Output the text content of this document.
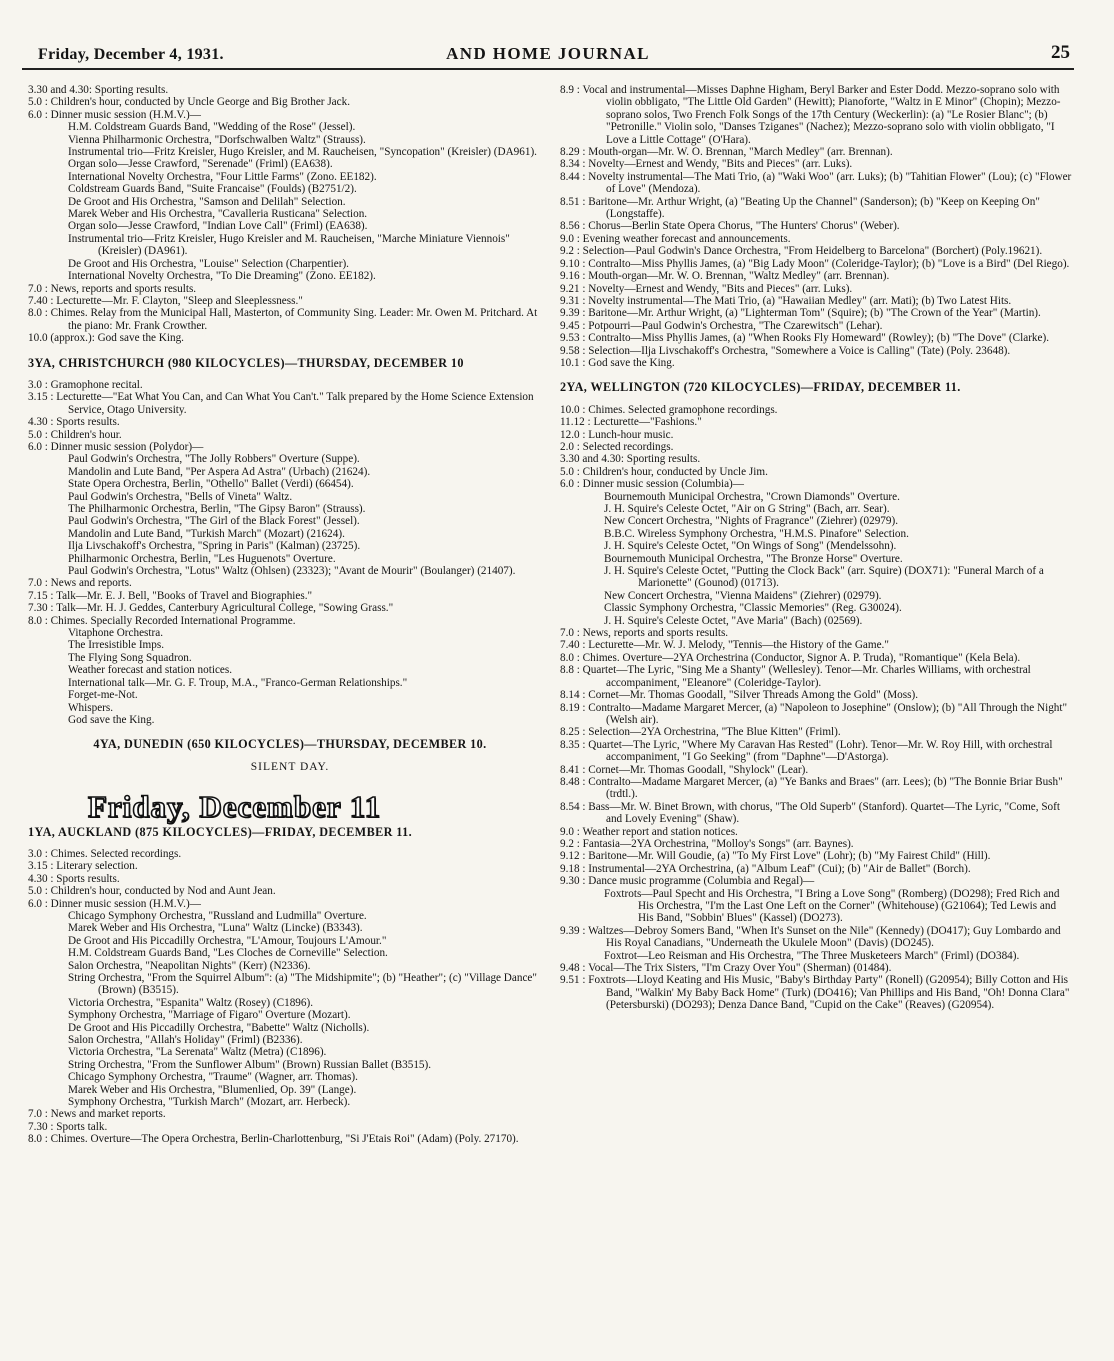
Friday, December 4, 1931.	AND HOME JOURNAL	25

3.30 and 4.30: Sporting results.

5.0 : Children's hour, conducted by Uncle George and Big Brother Jack.

6.0 : Dinner music session (H.M.V.)—

H.M. Coldstream Guards Band, "Wedding of the Rose" (Jessel).

Vienna Philharmonic Orchestra, "Dorfschwalben Waltz" (Strauss).

Instrumental trio—Fritz Kreisler, Hugo Kreisler, and M. Raucheisen, "Syncopation" (Kreisler) (DA961).

Organ solo—Jesse Crawford, "Serenade" (Friml) (EA638).

International Novelty Orchestra, "Four Little Farms" (Zono. EE182).

Coldstream Guards Band, "Suite Francaise" (Foulds) (B2751/2).

De Groot and His Orchestra, "Samson and Delilah" Selection.

Marek Weber and His Orchestra, "Cavalleria Rusticana" Selection.

Organ solo—Jesse Crawford, "Indian Love Call" (Friml) (EA638).

Instrumental trio—Fritz Kreisler, Hugo Kreisler and M. Raucheisen, "Marche Miniature Viennois" (Kreisler) (DA961).

De Groot and His Orchestra, "Louise" Selection (Charpentier).

International Novelty Orchestra, "To Die Dreaming" (Zono. EE182).

7.0 : News, reports and sports results.

7.40 : Lecturette—Mr. F. Clayton, "Sleep and Sleeplessness."

8.0 : Chimes. Relay from the Municipal Hall, Masterton, of Community Sing. Leader: Mr. Owen M. Pritchard. At the piano: Mr. Frank Crowther.

10.0 (approx.): God save the King.

3YA, CHRISTCHURCH (980 KILOCYCLES)—THURSDAY, DECEMBER 10

3.0 : Gramophone recital.

3.15 : Lecturette—"Eat What You Can, and Can What You Can't." Talk prepared by the Home Science Extension Service, Otago University.

4.30 : Sports results.

5.0 : Children's hour.

6.0 : Dinner music session (Polydor)—

Paul Godwin's Orchestra, "The Jolly Robbers" Overture (Suppe).

Mandolin and Lute Band, "Per Aspera Ad Astra" (Urbach) (21624).

State Opera Orchestra, Berlin, "Othello" Ballet (Verdi) (66454).

Paul Godwin's Orchestra, "Bells of Vineta" Waltz.

The Philharmonic Orchestra, Berlin, "The Gipsy Baron" (Strauss).

Paul Godwin's Orchestra, "The Girl of the Black Forest" (Jessel).

Mandolin and Lute Band, "Turkish March" (Mozart) (21624).

Ilja Livschakoff's Orchestra, "Spring in Paris" (Kalman) (23725).

Philharmonic Orchestra, Berlin, "Les Huguenots" Overture.

Paul Godwin's Orchestra, "Lotus" Waltz (Ohlsen) (23323); "Avant de Mourir" (Boulanger) (21407).

7.0 : News and reports.

7.15 : Talk—Mr. E. J. Bell, "Books of Travel and Biographies."

7.30 : Talk—Mr. H. J. Geddes, Canterbury Agricultural College, "Sowing Grass."

8.0 : Chimes. Specially Recorded International Programme.

Vitaphone Orchestra.

The Irresistible Imps.

The Flying Song Squadron.

Weather forecast and station notices.

International talk—Mr. G. F. Troup, M.A., "Franco-German Relationships."

Forget-me-Not.

Whispers.

God save the King.

4YA, DUNEDIN (650 KILOCYCLES)—THURSDAY, DECEMBER 10.
SILENT DAY.
Friday, December 11
1YA, AUCKLAND (875 KILOCYCLES)—FRIDAY, DECEMBER 11.

3.0 : Chimes. Selected recordings.

3.15 : Literary selection.

4.30 : Sports results.

5.0 : Children's hour, conducted by Nod and Aunt Jean.

6.0 : Dinner music session (H.M.V.)—

Chicago Symphony Orchestra, "Russland and Ludmilla" Overture.

Marek Weber and His Orchestra, "Luna" Waltz (Lincke) (B3343).

De Groot and His Piccadilly Orchestra, "L'Amour, Toujours L'Amour."

H.M. Coldstream Guards Band, "Les Cloches de Corneville" Selection.

Salon Orchestra, "Neapolitan Nights" (Kerr) (N2336).

String Orchestra, "From the Squirrel Album": (a) "The Midshipmite"; (b) "Heather"; (c) "Village Dance" (Brown) (B3515).

Victoria Orchestra, "Espanita" Waltz (Rosey) (C1896).

Symphony Orchestra, "Marriage of Figaro" Overture (Mozart).

De Groot and His Piccadilly Orchestra, "Babette" Waltz (Nicholls).

Salon Orchestra, "Allah's Holiday" (Friml) (B2336).

Victoria Orchestra, "La Serenata" Waltz (Metra) (C1896).

String Orchestra, "From the Sunflower Album" (Brown) Russian Ballet (B3515).

Chicago Symphony Orchestra, "Traume" (Wagner, arr. Thomas).

Marek Weber and His Orchestra, "Blumenlied, Op. 39" (Lange).

Symphony Orchestra, "Turkish March" (Mozart, arr. Herbeck).

7.0 : News and market reports.

7.30 : Sports talk.

8.0 : Chimes. Overture—The Opera Orchestra, Berlin-Charlottenburg, "Si J'Etais Roi" (Adam) (Poly. 27170).

8.9 : Vocal and instrumental—Misses Daphne Higham, Beryl Barker and Ester Dodd. Mezzo-soprano solo with violin obbligato, "The Little Old Garden" (Hewitt); Pianoforte, "Waltz in E Minor" (Chopin); Mezzo-soprano solos, Two French Folk Songs of the 17th Century (Weckerlin): (a) "Le Rosier Blanc"; (b) "Petronille." Violin solo, "Danses Tziganes" (Nachez); Mezzo-soprano solo with violin obbligato, "I Love a Little Cottage" (O'Hara).

8.29 : Mouth-organ—Mr. W. O. Brennan, "March Medley" (arr. Brennan).

8.34 : Novelty—Ernest and Wendy, "Bits and Pieces" (arr. Luks).

8.44 : Novelty instrumental—The Mati Trio, (a) "Waki Woo" (arr. Luks); (b) "Tahitian Flower" (Lou); (c) "Flower of Love" (Mendoza).

8.51 : Baritone—Mr. Arthur Wright, (a) "Beating Up the Channel" (Sanderson); (b) "Keep on Keeping On" (Longstaffe).

8.56 : Chorus—Berlin State Opera Chorus, "The Hunters' Chorus" (Weber).

9.0 : Evening weather forecast and announcements.

9.2 : Selection—Paul Godwin's Dance Orchestra, "From Heidelberg to Barcelona" (Borchert) (Poly.19621).

9.10 : Contralto—Miss Phyllis James, (a) "Big Lady Moon" (Coleridge-Taylor); (b) "Love is a Bird" (Del Riego).

9.16 : Mouth-organ—Mr. W. O. Brennan, "Waltz Medley" (arr. Brennan).

9.21 : Novelty—Ernest and Wendy, "Bits and Pieces" (arr. Luks).

9.31 : Novelty instrumental—The Mati Trio, (a) "Hawaiian Medley" (arr. Mati); (b) Two Latest Hits.

9.39 : Baritone—Mr. Arthur Wright, (a) "Lighterman Tom" (Squire); (b) "The Crown of the Year" (Martin).

9.45 : Potpourri—Paul Godwin's Orchestra, "The Czarewitsch" (Lehar).

9.53 : Contralto—Miss Phyllis James, (a) "When Rooks Fly Homeward" (Rowley); (b) "The Dove" (Clarke).

9.58 : Selection—Ilja Livschakoff's Orchestra, "Somewhere a Voice is Calling" (Tate) (Poly. 23648).

10.1 : God save the King.

2YA, WELLINGTON (720 KILOCYCLES)—FRIDAY, DECEMBER 11.

10.0 : Chimes. Selected gramophone recordings.

11.12 : Lecturette—"Fashions."

12.0 : Lunch-hour music.

2.0 : Selected recordings.

3.30 and 4.30: Sporting results.

5.0 : Children's hour, conducted by Uncle Jim.

6.0 : Dinner music session (Columbia)—

Bournemouth Municipal Orchestra, "Crown Diamonds" Overture.

J. H. Squire's Celeste Octet, "Air on G String" (Bach, arr. Sear).

New Concert Orchestra, "Nights of Fragrance" (Ziehrer) (02979).

B.B.C. Wireless Symphony Orchestra, "H.M.S. Pinafore" Selection.

J. H. Squire's Celeste Octet, "On Wings of Song" (Mendelssohn).

Bournemouth Municipal Orchestra, "The Bronze Horse" Overture.

J. H. Squire's Celeste Octet, "Putting the Clock Back" (arr. Squire) (DOX71): "Funeral March of a Marionette" (Gounod) (01713).

New Concert Orchestra, "Vienna Maidens" (Ziehrer) (02979).

Classic Symphony Orchestra, "Classic Memories" (Reg. G30024).

J. H. Squire's Celeste Octet, "Ave Maria" (Bach) (02569).

7.0 : News, reports and sports results.

7.40 : Lecturette—Mr. W. J. Melody, "Tennis—the History of the Game."

8.0 : Chimes. Overture—2YA Orchestrina (Conductor, Signor A. P. Truda), "Romantique" (Kela Bela).

8.8 : Quartet—The Lyric, "Sing Me a Shanty" (Wellesley). Tenor—Mr. Charles Williams, with orchestral accompaniment, "Eleanore" (Coleridge-Taylor).

8.14 : Cornet—Mr. Thomas Goodall, "Silver Threads Among the Gold" (Moss).

8.19 : Contralto—Madame Margaret Mercer, (a) "Napoleon to Josephine" (Onslow); (b) "All Through the Night" (Welsh air).

8.25 : Selection—2YA Orchestrina, "The Blue Kitten" (Friml).

8.35 : Quartet—The Lyric, "Where My Caravan Has Rested" (Lohr). Tenor—Mr. W. Roy Hill, with orchestral accompaniment, "I Go Seeking" (from "Daphne"—D'Astorga).

8.41 : Cornet—Mr. Thomas Goodall, "Shylock" (Lear).

8.48 : Contralto—Madame Margaret Mercer, (a) "Ye Banks and Braes" (arr. Lees); (b) "The Bonnie Briar Bush" (trdtl.).

8.54 : Bass—Mr. W. Binet Brown, with chorus, "The Old Superb" (Stanford). Quartet—The Lyric, "Come, Soft and Lovely Evening" (Shaw).

9.0 : Weather report and station notices.

9.2 : Fantasia—2YA Orchestrina, "Molloy's Songs" (arr. Baynes).

9.12 : Baritone—Mr. Will Goudie, (a) "To My First Love" (Lohr); (b) "My Fairest Child" (Hill).

9.18 : Instrumental—2YA Orchestrina, (a) "Album Leaf" (Cui); (b) "Air de Ballet" (Borch).

9.30 : Dance music programme (Columbia and Regal)—

Foxtrots—Paul Specht and His Orchestra, "I Bring a Love Song" (Romberg) (DO298); Fred Rich and His Orchestra, "I'm the Last One Left on the Corner" (Whitehouse) (G21064); Ted Lewis and His Band, "Sobbin' Blues" (Kassel) (DO273).

9.39 : Waltzes—Debroy Somers Band, "When It's Sunset on the Nile" (Kennedy) (DO417); Guy Lombardo and His Royal Canadians, "Underneath the Ukulele Moon" (Davis) (DO245).

Foxtrot—Leo Reisman and His Orchestra, "The Three Musketeers March" (Friml) (DO384).

9.48 : Vocal—The Trix Sisters, "I'm Crazy Over You" (Sherman) (01484).

9.51 : Foxtrots—Lloyd Keating and His Music, "Baby's Birthday Party" (Ronell) (G20954); Billy Cotton and His Band, "Walkin' My Baby Back Home" (Turk) (DO416); Van Phillips and His Band, "Oh! Donna Clara" (Petersburski) (DO293); Denza Dance Band, "Cupid on the Cake" (Reaves) (G20954).
